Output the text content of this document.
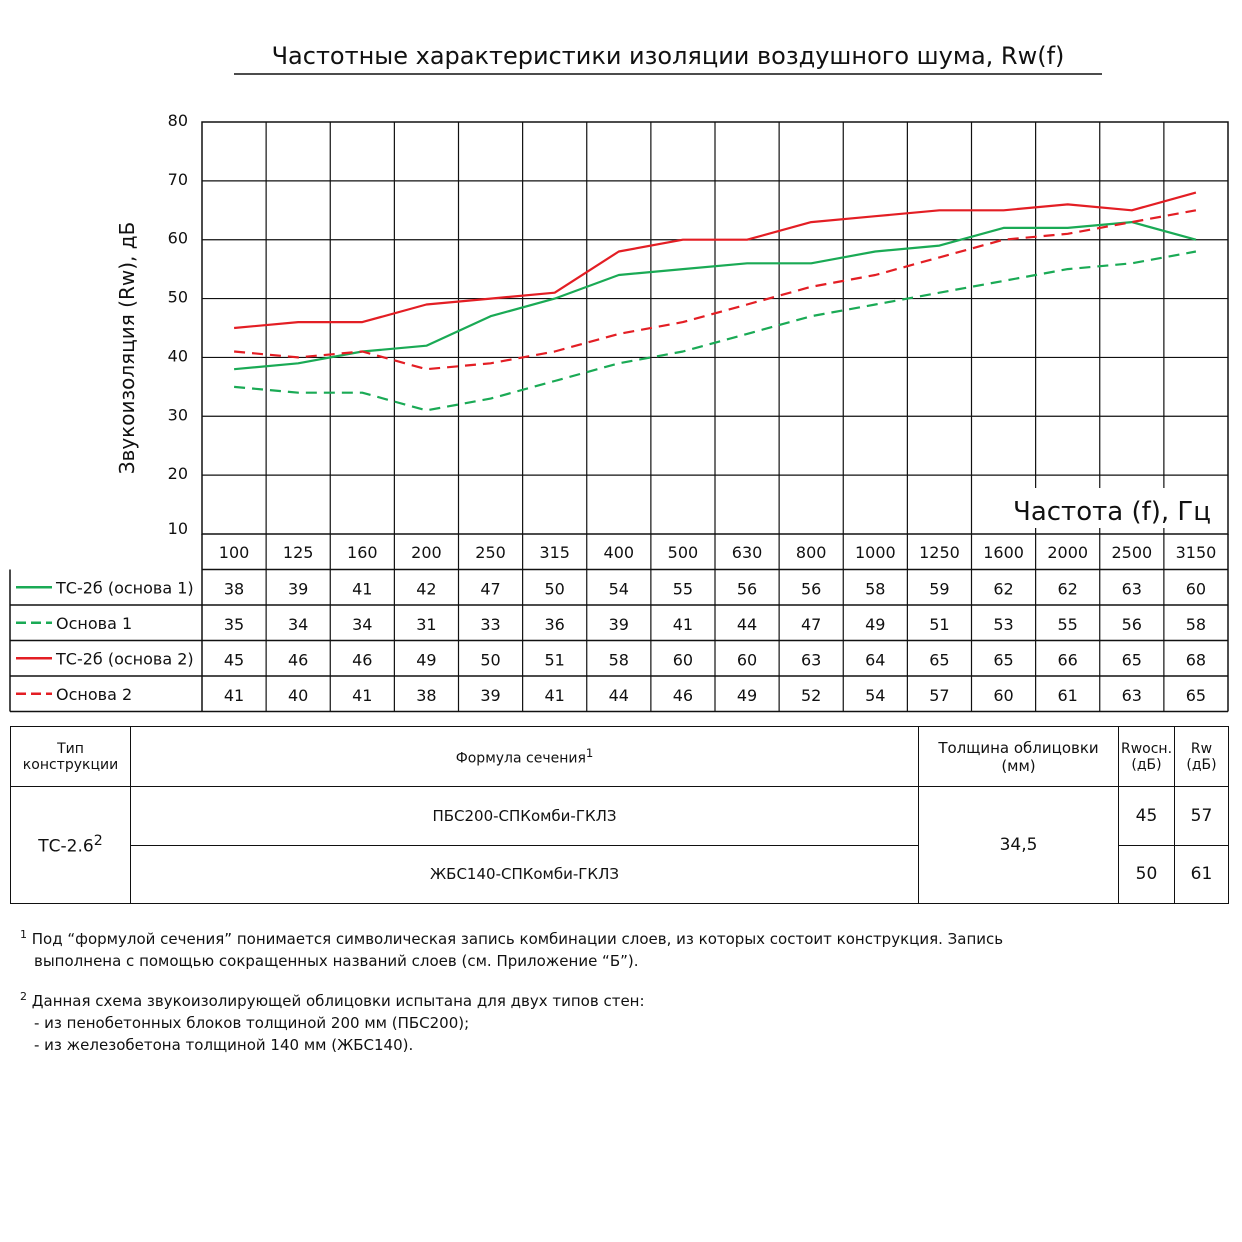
Частотные характеристики изоляции воздушного шума, Rw(f)
10
20
30
40
50
60
70
80
100 125 160 200 250 315 400 500 630 800 1000 1250 1600 2000 2500 3150
ТС-2б (основа 1) 38	39	41	42	47	50	54	55	56	56	58	59	62	62	63	60
Основа 1	35	34	34	31	33	36	39	41	44	47	49	51	53	55	56	58
ТС-2б (основа 2) 45	46	46	49	50	51	58	60	60	63	64	65	65	66	65	68
Основа 2	41	40	41	38	39	41	44	46	49	52	54	57	60	61	63	65
Звукоизоляция (Rw), дБ
Частота (f), Гц
Тип конструкции	Формула сечения$^1$	Толщина облицовки (мм)	Rwосн. (дБ)	Rw (дБ)
$ТС-2.6^2$	ПБС200-СПКомби-ГКЛЗ	34,5	45	57
	ЖБС140-СПКомби-ГКЛЗ		50	61

$^1$ Под “формулой сечения” понимается символическая запись комбинации слоев, из которых состоит конструкция. Запись
выполнена с помощью сокращенных названий слоев (см. Приложение “Б”).

$^2$ Данная схема звукоизолирующей облицовки испытана для двух типов стен:
- из пенобетонных блоков толщиной 200 мм (ПБС200);
- из железобетона толщиной 140 мм (ЖБС140).
